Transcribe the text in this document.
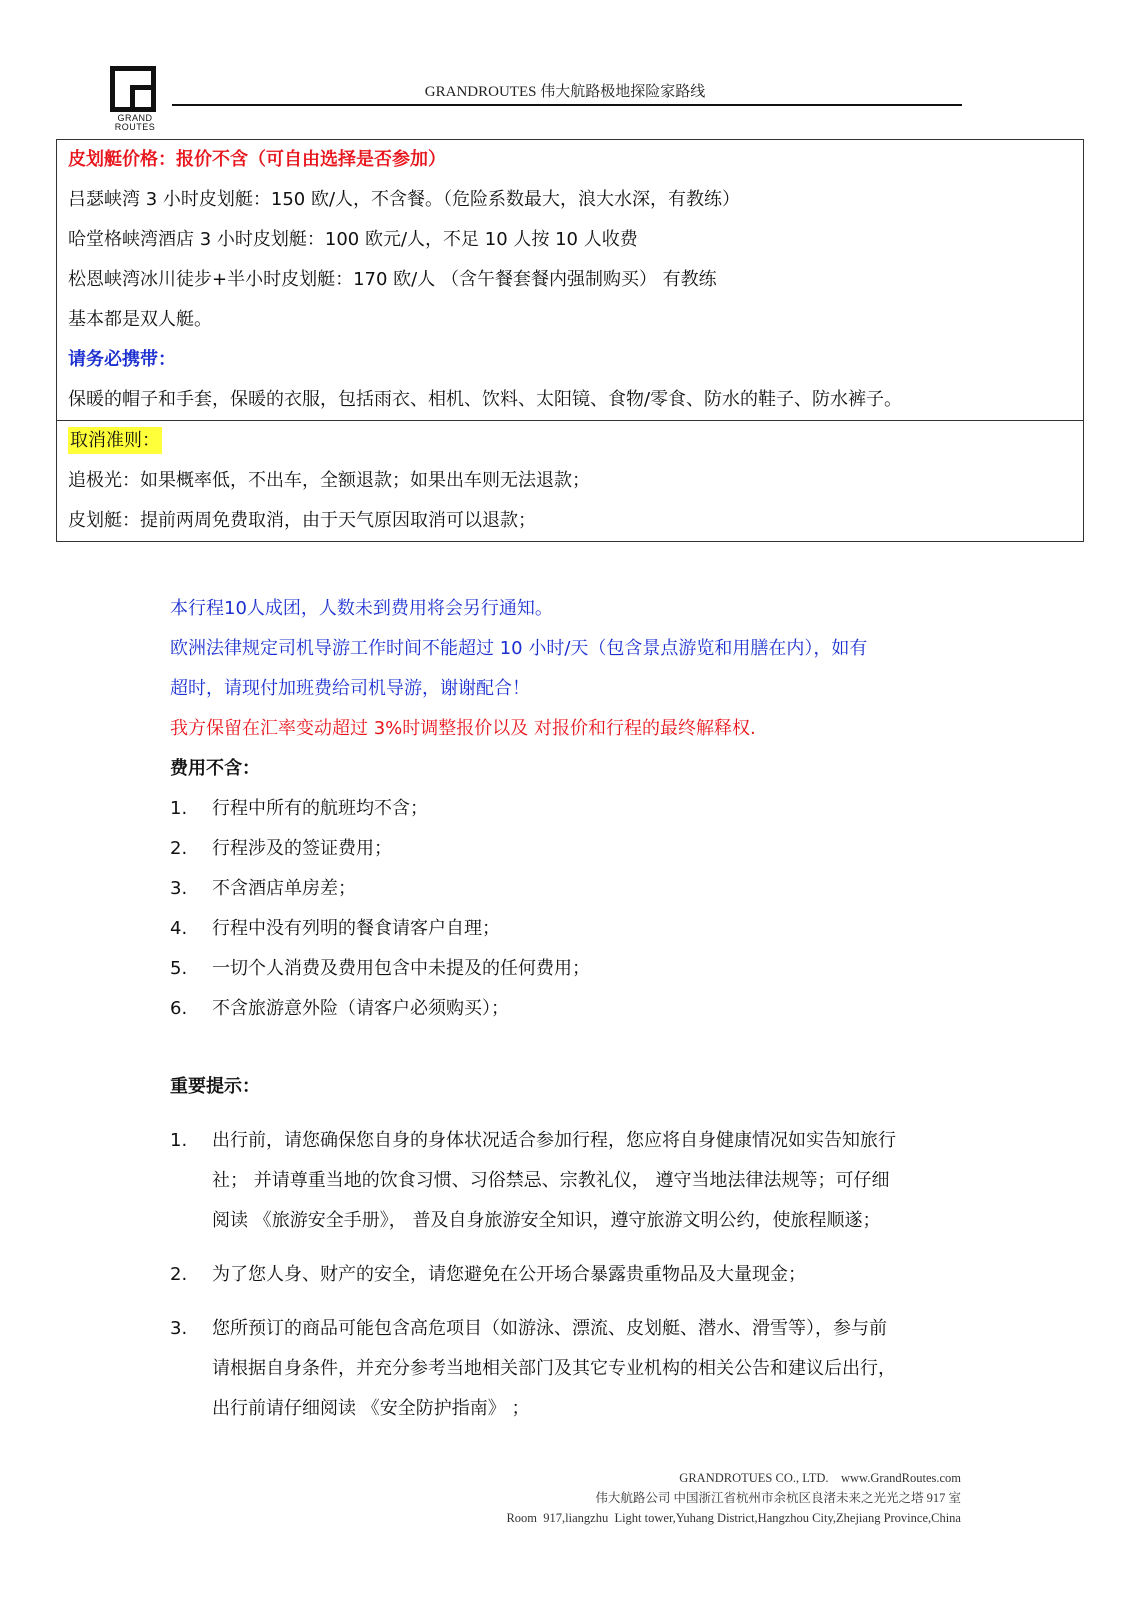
GRAND
ROUTES
GRANDROUTES 伟大航路极地探险家路线
皮划艇价格：报价不含（可自由选择是否参加）
吕瑟峡湾 3 小时皮划艇：150 欧/人，不含餐。（危险系数最大，浪大水深，有教练）
哈堂格峡湾酒店 3 小时皮划艇：100 欧元/人，不足 10 人按 10 人收费
松恩峡湾冰川徒步+半小时皮划艇：170 欧/人 （含午餐套餐内强制购买） 有教练
基本都是双人艇。
请务必携带：
保暖的帽子和手套，保暖的衣服，包括雨衣、相机、饮料、太阳镜、食物/零食、防水的鞋子、防水裤子。
取消准则：
追极光：如果概率低，不出车，全额退款；如果出车则无法退款；
皮划艇：提前两周免费取消，由于天气原因取消可以退款；
本行程10人成团，人数未到费用将会另行通知。
欧洲法律规定司机导游工作时间不能超过 10 小时/天（包含景点游览和用膳在内），如有
超时，请现付加班费给司机导游，谢谢配合！
我方保留在汇率变动超过 3%时调整报价以及 对报价和行程的最终解释权.
费用不含：
1.	行程中所有的航班均不含；
2.	行程涉及的签证费用；
3.	不含酒店单房差；
4.	行程中没有列明的餐食请客户自理；
5.	一切个人消费及费用包含中未提及的任何费用；
6.	不含旅游意外险（请客户必须购买）；
重要提示：
1.	出行前，请您确保您自身的身体状况适合参加行程，您应将自身健康情况如实告知旅行
社； 并请尊重当地的饮食习惯、习俗禁忌、宗教礼仪， 遵守当地法律法规等；可仔细
阅读 《旅游安全手册》， 普及自身旅游安全知识，遵守旅游文明公约，使旅程顺遂；
2.	为了您人身、财产的安全，请您避免在公开场合暴露贵重物品及大量现金；
3.	您所预订的商品可能包含高危项目（如游泳、漂流、皮划艇、潜水、滑雪等），参与前
请根据自身条件，并充分参考当地相关部门及其它专业机构的相关公告和建议后出行，
出行前请仔细阅读 《安全防护指南》 ；
GRANDROTUES CO., LTD.    www.GrandRoutes.com
伟大航路公司 中国浙江省杭州市余杭区良渚未来之光光之塔 917 室
Room  917,liangzhu  Light tower,Yuhang District,Hangzhou City,Zhejiang Province,China
